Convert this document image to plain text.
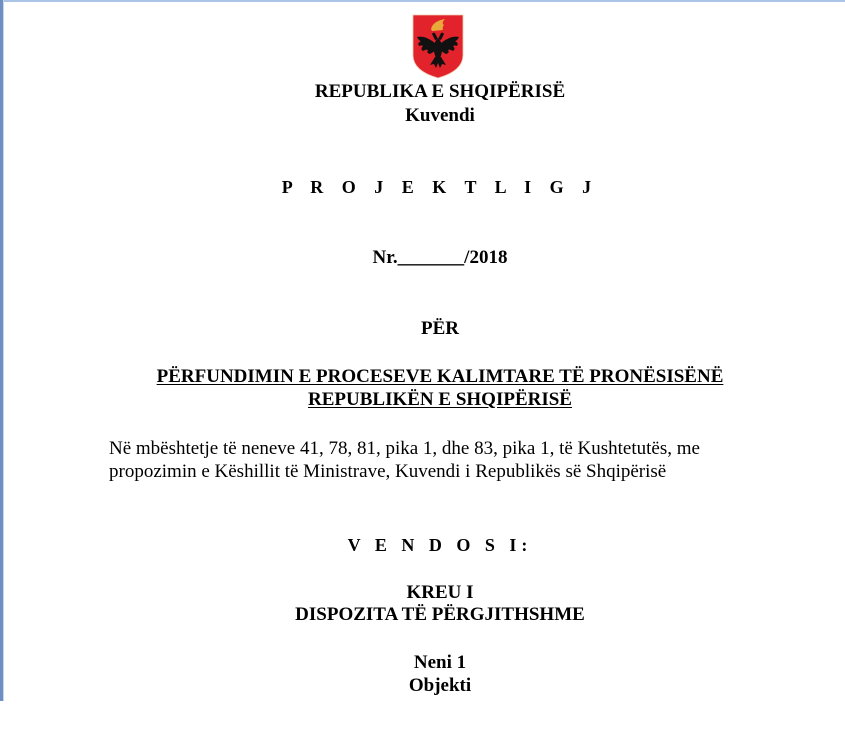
REPUBLIKA E SHQIPËRISË
Kuvendi
P R O J E K T L I G J
Nr._______/2018
PËR
PËRFUNDIMIN E PROCESEVE KALIMTARE TË PRONËSISËNË
REPUBLIKËN E SHQIPËRISË
Në mbështetje të neneve 41, 78, 81, pika 1, dhe 83, pika 1, të Kushtetutës, me
propozimin e Këshillit të Ministrave, Kuvendi i Republikës së Shqipërisë
V E N D O S I:
KREU I
DISPOZITA TË PËRGJITHSHME
Neni 1
Objekti
